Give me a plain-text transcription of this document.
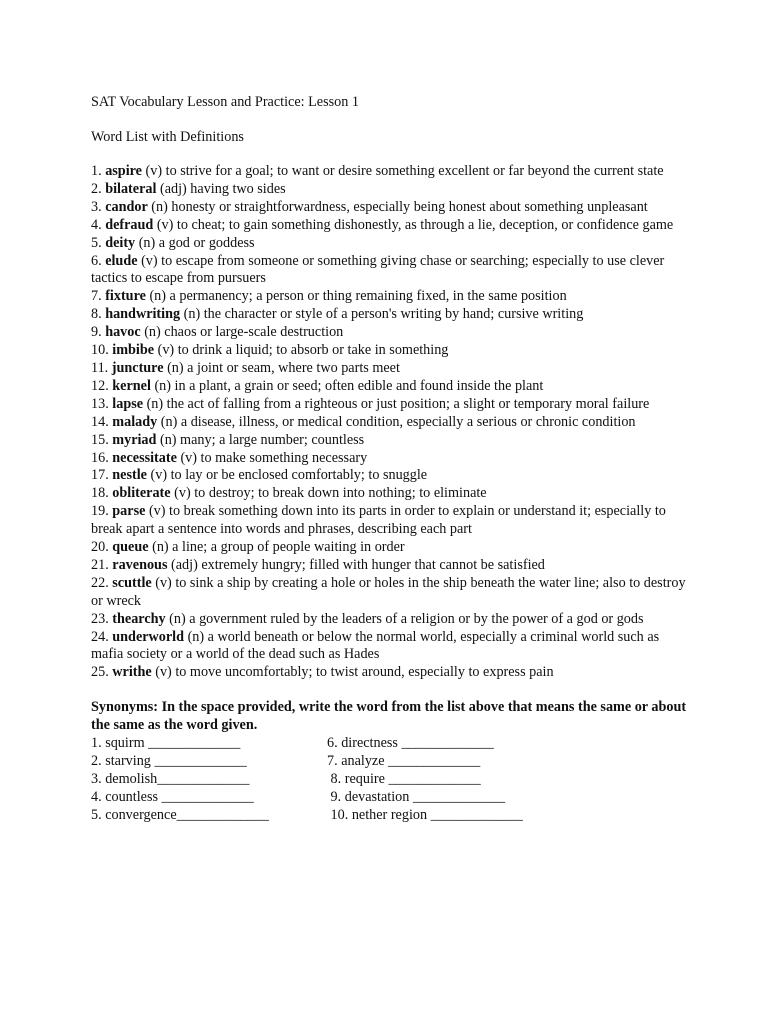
SAT Vocabulary Lesson and Practice: Lesson 1

Word List with Definitions

1. aspire (v) to strive for a goal; to want or desire something excellent or far beyond the current state
2. bilateral (adj) having two sides
3. candor (n) honesty or straightforwardness, especially being honest about something unpleasant
4. defraud (v) to cheat; to gain something dishonestly, as through a lie, deception, or confidence game
5. deity (n) a god or goddess
6. elude (v) to escape from someone or something giving chase or searching; especially to use clever tactics to escape from pursuers
7. fixture (n) a permanency; a person or thing remaining fixed, in the same position
8. handwriting (n) the character or style of a person's writing by hand; cursive writing
9. havoc (n) chaos or large-scale destruction
10. imbibe (v) to drink a liquid; to absorb or take in something
11. juncture (n) a joint or seam, where two parts meet
12. kernel (n) in a plant, a grain or seed; often edible and found inside the plant
13. lapse (n) the act of falling from a righteous or just position; a slight or temporary moral failure
14. malady (n) a disease, illness, or medical condition, especially a serious or chronic condition
15. myriad (n) many; a large number; countless
16. necessitate (v) to make something necessary
17. nestle (v) to lay or be enclosed comfortably; to snuggle
18. obliterate (v) to destroy; to break down into nothing; to eliminate
19. parse (v) to break something down into its parts in order to explain or understand it; especially to break apart a sentence into words and phrases, describing each part
20. queue (n) a line; a group of people waiting in order
21. ravenous (adj) extremely hungry; filled with hunger that cannot be satisfied
22. scuttle (v) to sink a ship by creating a hole or holes in the ship beneath the water line; also to destroy or wreck
23. thearchy (n) a government ruled by the leaders of a religion or by the power of a god or gods
24. underworld (n) a world beneath or below the normal world, especially a criminal world such as mafia society or a world of the dead such as Hades
25. writhe (v) to move uncomfortably; to twist around, especially to express pain

Synonyms: In the space provided, write the word from the list above that means the same or about the same as the word given.

1. squirm _____________	6. directness _____________
2. starving _____________	7. analyze _____________
3. demolish_____________	8. require _____________
4. countless _____________	9. devastation _____________
5. convergence_____________	10. nether region _____________
